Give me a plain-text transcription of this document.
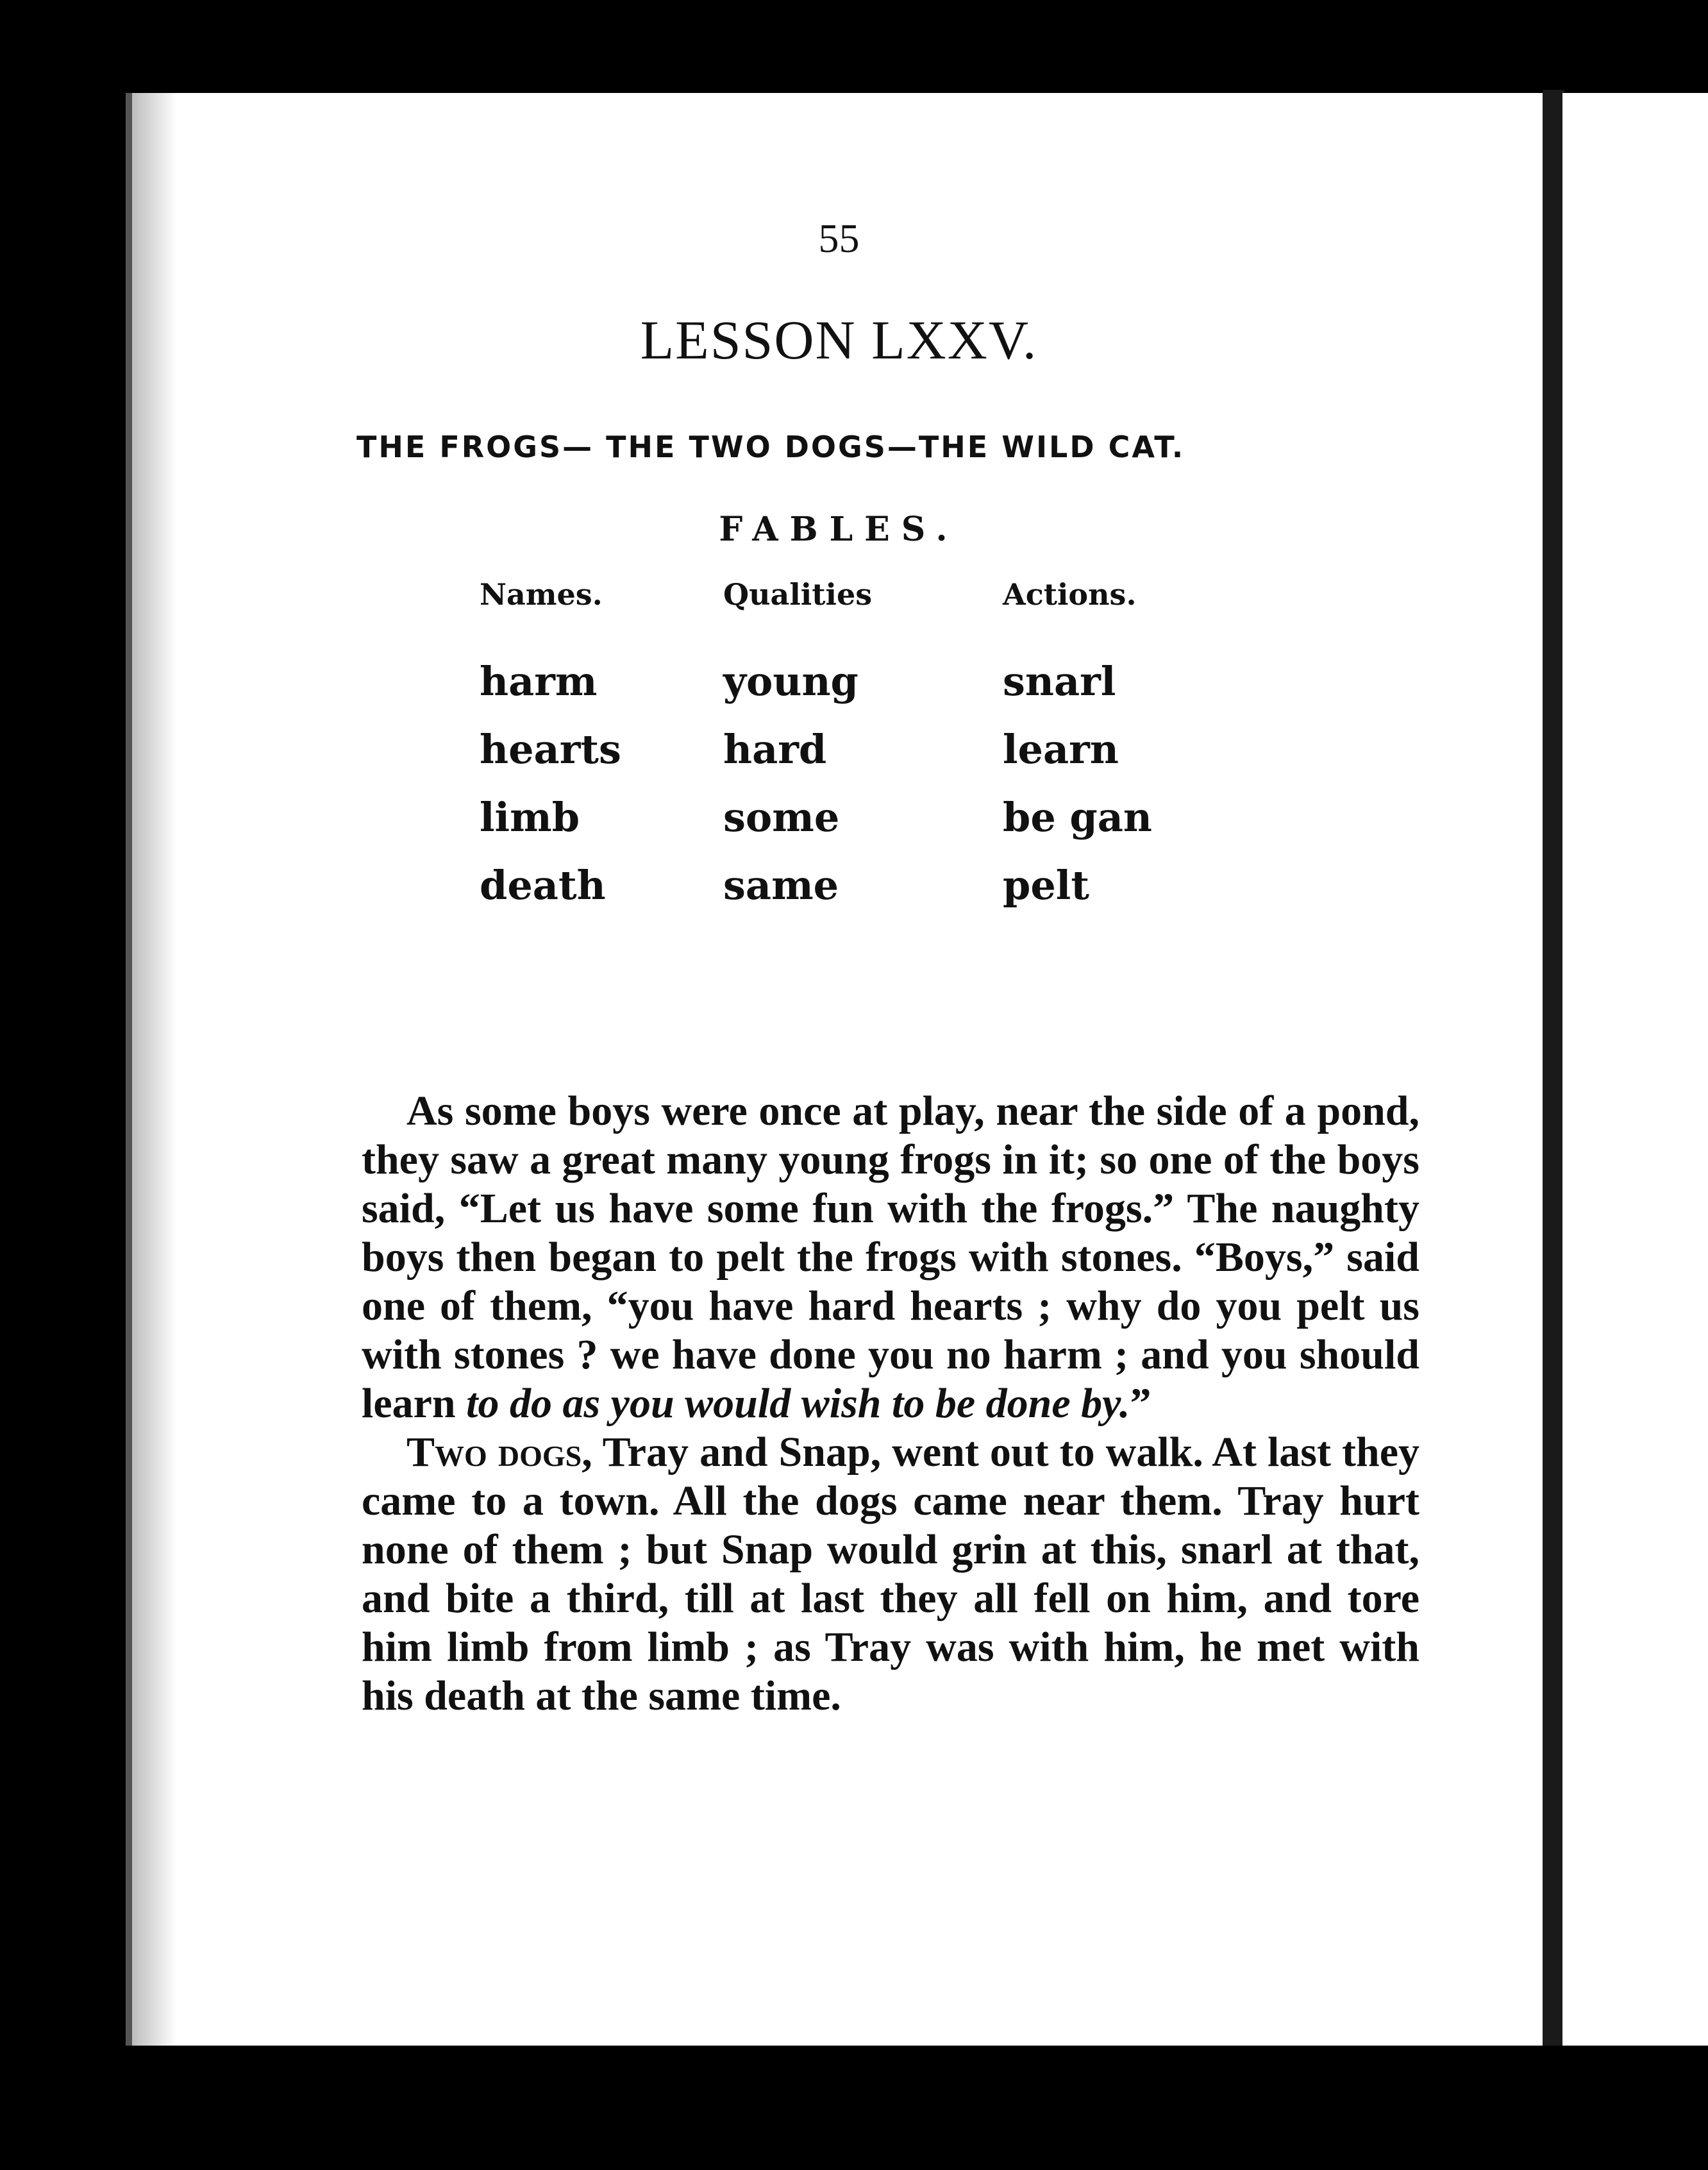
55
LESSON LXXV.
THE FROGS— THE TWO DOGS—THE WILD CAT.
FABLES.
Names.
harm
hearts
limb
death
Qualities
young
hard
some
same
Actions.
snarl
learn
be gan
pelt

As some boys were once at play, near the side of a pond, they saw a great many young frogs in it; so one of the boys said, “Let us have some fun with the frogs.” The naughty boys then began to pelt the frogs with stones. “Boys,” said one of them, “you have hard hearts ; why do you pelt us with stones ? we have done you no harm ; and you should learn to do as you would wish to be done by.”

Two dogs, Tray and Snap, went out to walk. At last they came to a town. All the dogs came near them. Tray hurt none of them ; but Snap would grin at this, snarl at that, and bite a third, till at last they all fell on him, and tore him limb from limb ; as Tray was with him, he met with his death at the same time.
